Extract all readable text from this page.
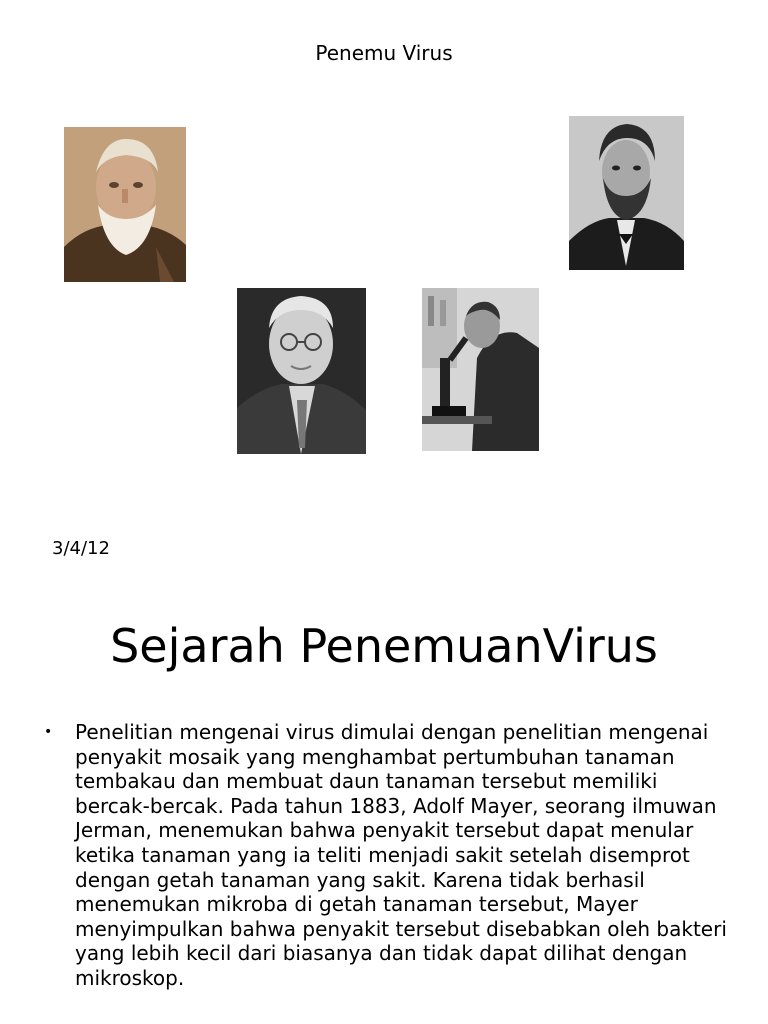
Penemu Virus
3/4/12
Sejarah PenemuanVirus
• Penelitian mengenai virus dimulai dengan penelitian mengenai penyakit mosaik yang menghambat pertumbuhan tanaman tembakau dan membuat daun tanaman tersebut memiliki bercak-bercak. Pada tahun 1883, Adolf Mayer, seorang ilmuwan Jerman, menemukan bahwa penyakit tersebut dapat menular ketika tanaman yang ia teliti menjadi sakit setelah disemprot dengan getah tanaman yang sakit. Karena tidak berhasil menemukan mikroba di getah tanaman tersebut, Mayer menyimpulkan bahwa penyakit tersebut disebabkan oleh bakteri yang lebih kecil dari biasanya dan tidak dapat dilihat dengan mikroskop.
